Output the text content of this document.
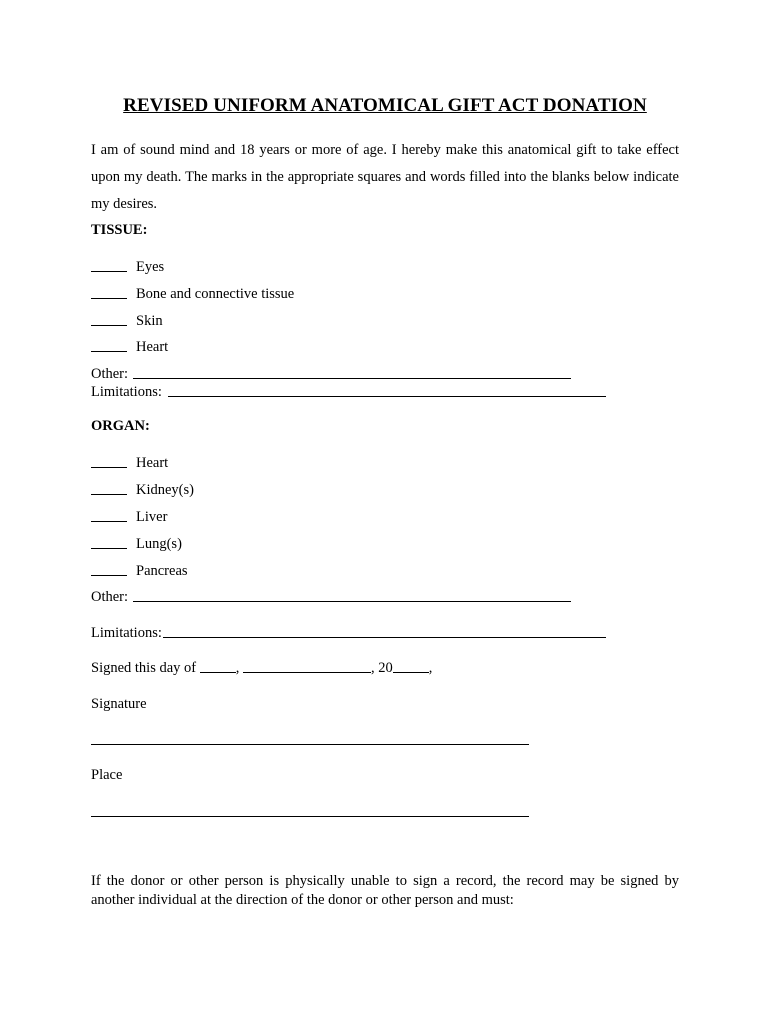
REVISED UNIFORM ANATOMICAL GIFT ACT DONATION
I am of sound mind and 18 years or more of age. I hereby make this anatomical gift to take effect upon my death. The marks in the appropriate squares and words filled into the blanks below indicate my desires.
TISSUE:
Eyes
Bone and connective tissue
Skin
Heart
Other:
Limitations:
ORGAN:
Heart
Kidney(s)
Liver
Lung(s)
Pancreas
Other:
Limitations:
Signed this day of ,	, 20 ,
Signature
Place
If the donor or other person is physically unable to sign a record, the record may be signed by another individual at the direction of the donor or other person and must:
